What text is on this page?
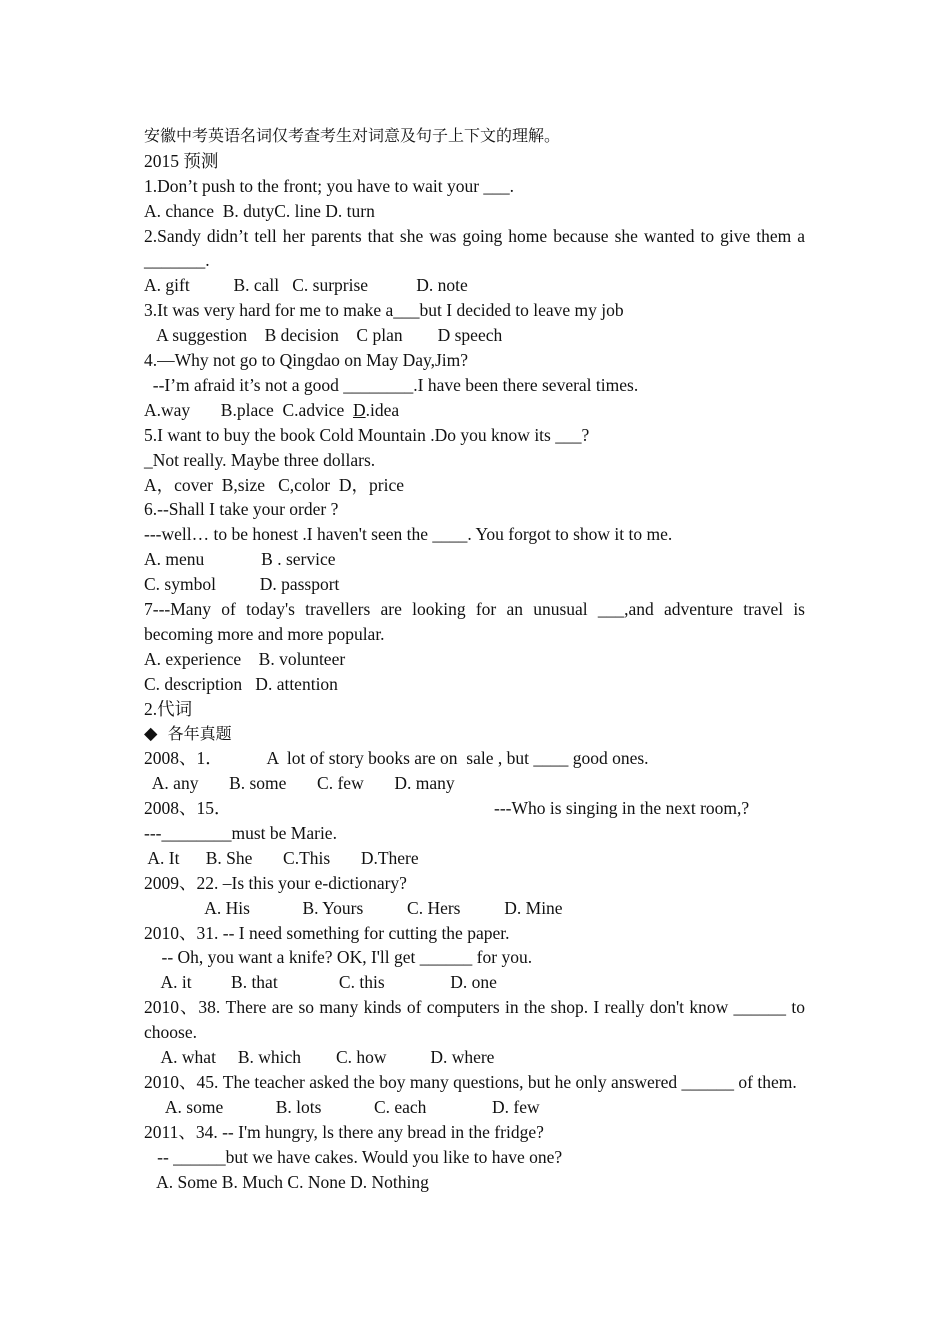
安徽中考英语名词仅考查考生对词意及句子上下文的理解。
2015 预测
1.Don’t push to the front; you have to wait your ___.
A. chance  B. dutyC. line D. turn
2.Sandy didn’t tell her parents that she was going home because she wanted to give them a _______.
A. gift          B. call   C. surprise           D. note
3.It was very hard for me to make a___but I decided to leave my job
A suggestion    B decision    C plan        D speech
4.—Why not go to Qingdao on May Day,Jim?
--I’m afraid it’s not a good ________.I have been there several times.
A.way       B.place  C.advice  D.idea
5.I want to buy the book Cold Mountain .Do you know its ___?
_Not really. Maybe three dollars.
A，cover  B,size   C,color  D，price
6.--Shall I take your order ?
---well… to be honest .I haven't seen the ____. You forgot to show it to me.
A. menu             B . service
C. symbol          D. passport
7---Many of today's travellers are looking for an unusual ___,and adventure travel is becoming more and more popular.
A. experience    B. volunteer
C. description   D. attention
2.代词
◆  各年真题
2008、1．          A  lot of story books are on  sale , but ____ good ones.
A. any       B. some       C. few       D. many
2008、15．	---Who is singing in the next room,?
---________must be Marie.
A. It      B. She       C.This       D.There
2009、22. –Is this your e-dictionary?
A. His            B. Yours          C. Hers          D. Mine
2010、31. -- I need something for cutting the paper.
-- Oh, you want a knife? OK, I'll get ______ for you.
A. it         B. that              C. this               D. one
2010、38. There are so many kinds of computers in the shop. I really don't know ______ to choose.
A. what     B. which        C. how          D. where
2010、45. The teacher asked the boy many questions, but he only answered ______ of them.
A. some            B. lots            C. each               D. few
2011、34. -- I'm hungry, ls there any bread in the fridge?
-- ______but we have cakes. Would you like to have one?
A. Some B. Much C. None D. Nothing
